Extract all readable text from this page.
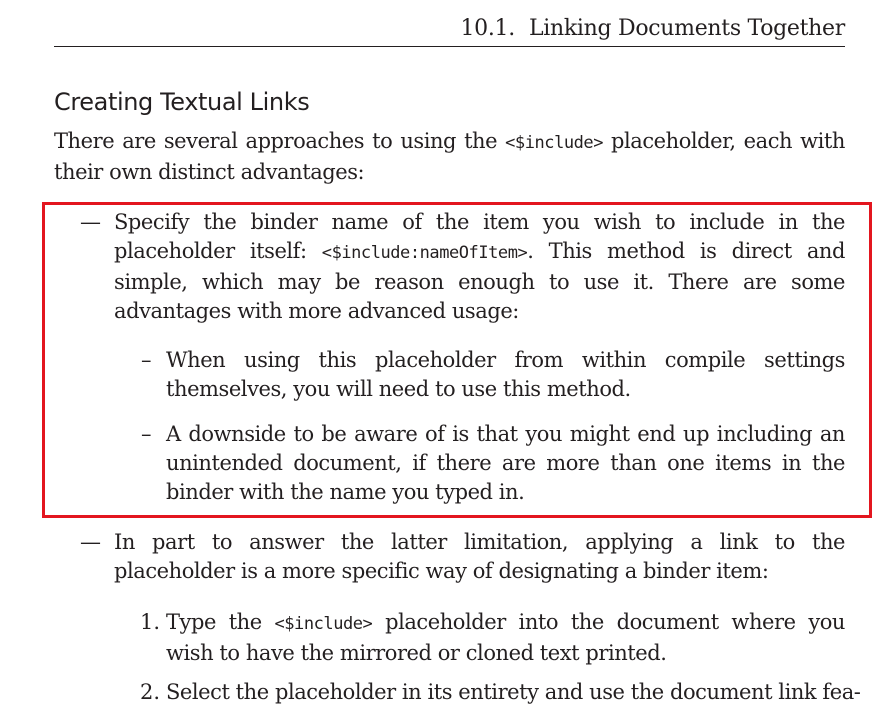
10.1. Linking Documents Together
Creating Textual Links

There are several approaches to using the <$include> placeholder, each with their own distinct advantages:

— Specify the binder name of the item you wish to include in the placeholder itself: <$include:nameOfItem>. This method is direct and simple, which may be reason enough to use it. There are some advantages with more advanced usage:

– When using this placeholder from within compile settings themselves, you will need to use this method.

– A downside to be aware of is that you might end up including an unintended document, if there are more than one items in the binder with the name you typed in.

— In part to answer the latter limitation, applying a link to the placeholder is a more specific way of designating a binder item:

1. Type the <$include> placeholder into the document where you wish to have the mirrored or cloned text printed.

2. Select the placeholder in its entirety and use the document link fea-
